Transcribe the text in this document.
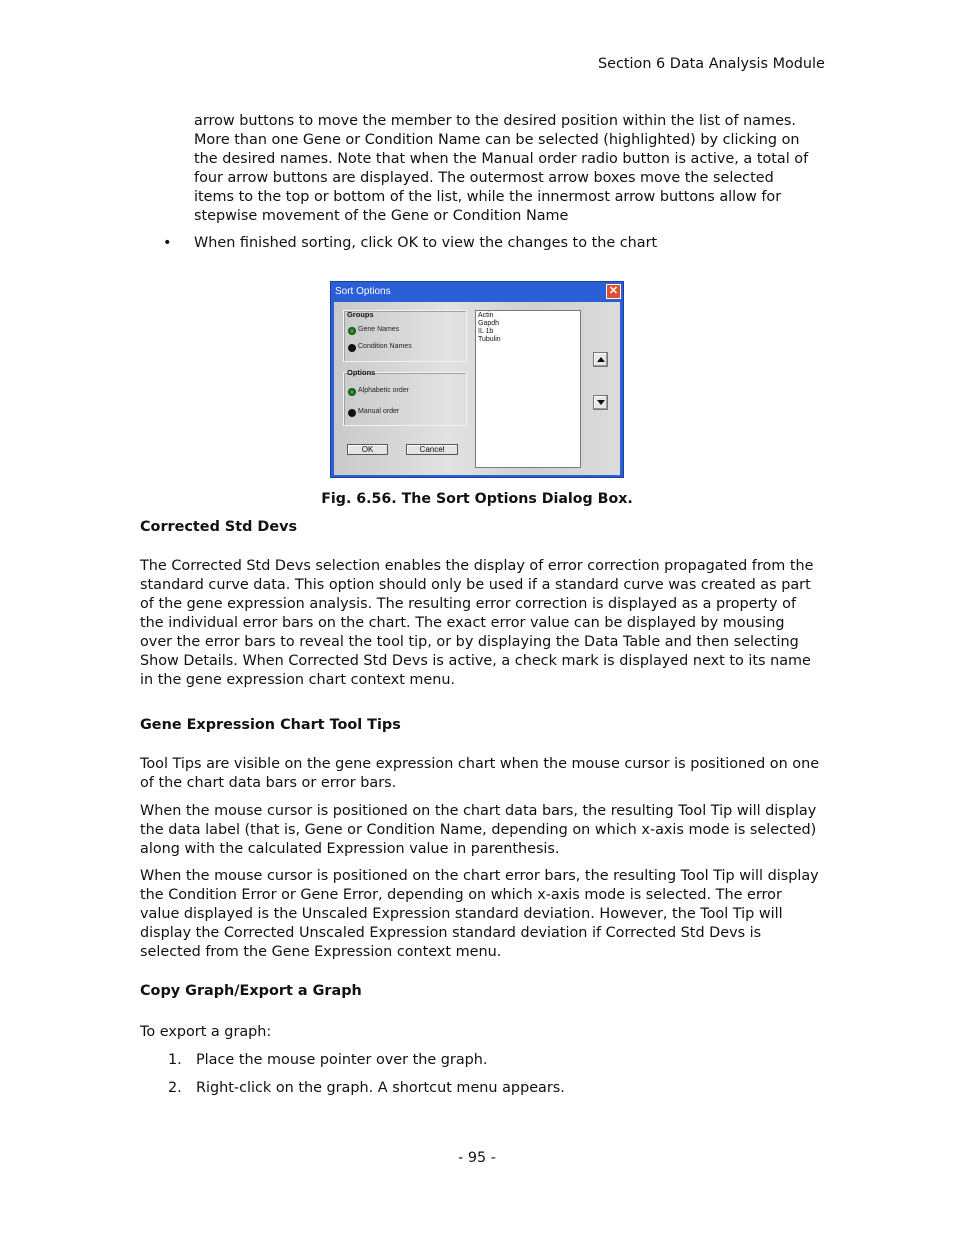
Section 6 Data Analysis Module

arrow buttons to move the member to the desired position within the list of names. More than one Gene or Condition Name can be selected (highlighted) by clicking on the desired names. Note that when the Manual order radio button is active, a total of four arrow buttons are displayed. The outermost arrow boxes move the selected items to the top or bottom of the list, while the innermost arrow buttons allow for stepwise movement of the Gene or Condition Name

• When finished sorting, click OK to view the changes to the chart
Sort Options	✕
Groups
Gene Names
Condition Names
Options
Alphabetic order
Manual order
OK	Cancel
Actin
Gapdh
IL 1b
Tubulin
Fig. 6.56. The Sort Options Dialog Box.
Corrected Std Devs

The Corrected Std Devs selection enables the display of error correction propagated from the standard curve data. This option should only be used if a standard curve was created as part of the gene expression analysis. The resulting error correction is displayed as a property of the individual error bars on the chart. The exact error value can be displayed by mousing over the error bars to reveal the tool tip, or by displaying the Data Table and then selecting Show Details. When Corrected Std Devs is active, a check mark is displayed next to its name in the gene expression chart context menu.

Gene Expression Chart Tool Tips

Tool Tips are visible on the gene expression chart when the mouse cursor is positioned on one of the chart data bars or error bars.

When the mouse cursor is positioned on the chart data bars, the resulting Tool Tip will display the data label (that is, Gene or Condition Name, depending on which x-axis mode is selected) along with the calculated Expression value in parenthesis.

When the mouse cursor is positioned on the chart error bars, the resulting Tool Tip will display the Condition Error or Gene Error, depending on which x-axis mode is selected. The error value displayed is the Unscaled Expression standard deviation. However, the Tool Tip will display the Corrected Unscaled Expression standard deviation if Corrected Std Devs is selected from the Gene Expression context menu.

Copy Graph/Export a Graph
To export a graph:
1. Place the mouse pointer over the graph.
2. Right-click on the graph. A shortcut menu appears.
- 95 -
